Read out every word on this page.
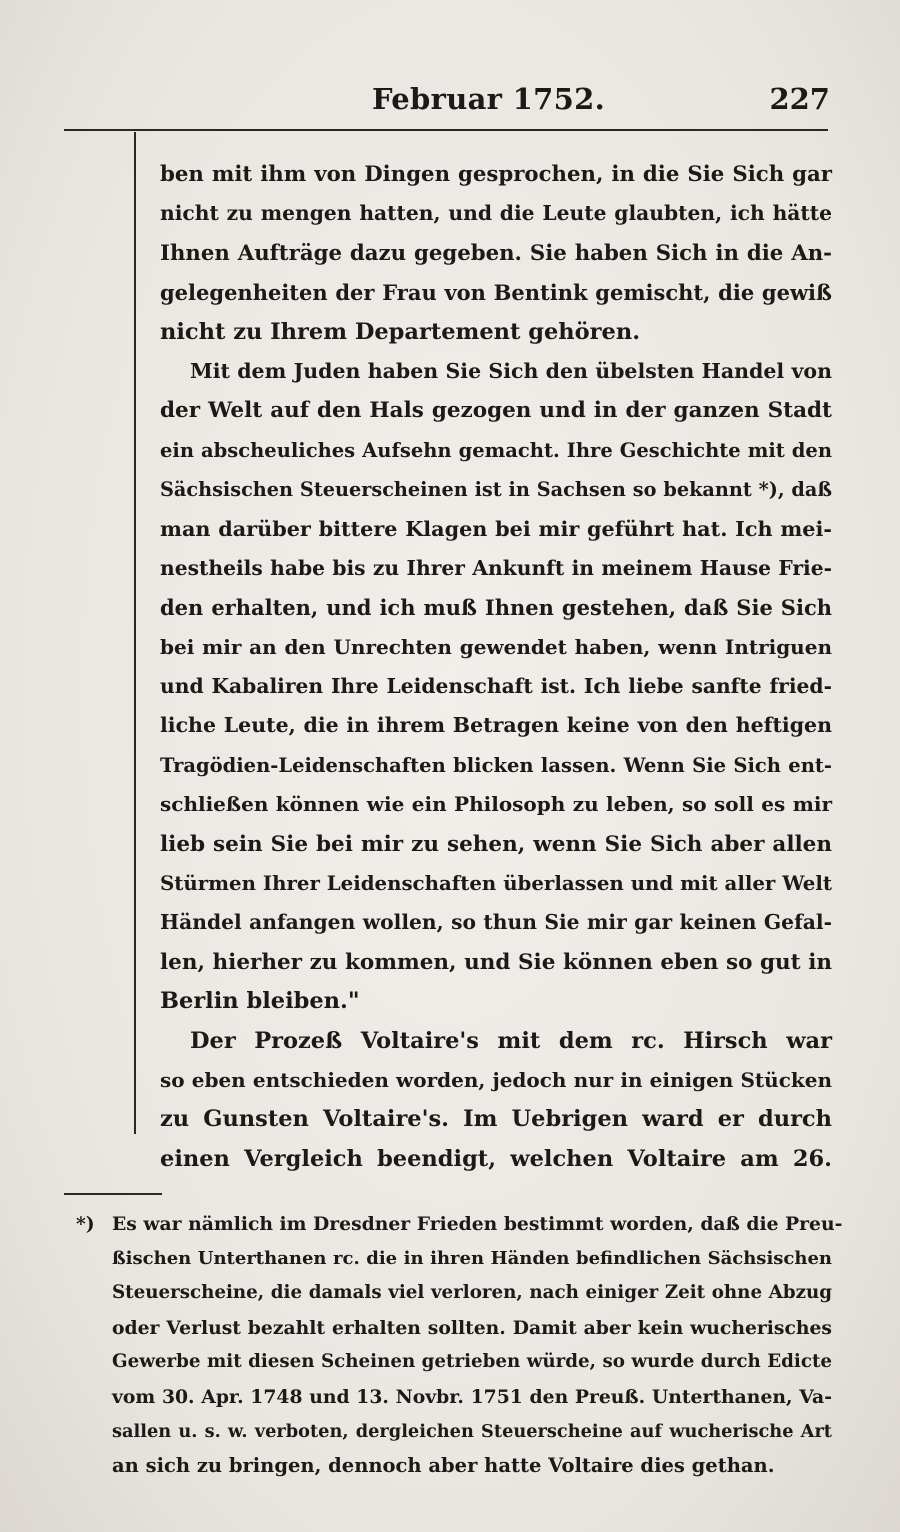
Februar 1752.	227
ben mit ihm von Dingen gesprochen, in die Sie Sich gar
nicht zu mengen hatten, und die Leute glaubten, ich hätte
Ihnen Aufträge dazu gegeben. Sie haben Sich in die An-
gelegenheiten der Frau von Bentink gemischt, die gewiß
nicht zu Ihrem Departement gehören.
Mit dem Juden haben Sie Sich den übelsten Handel von
der Welt auf den Hals gezogen und in der ganzen Stadt
ein abscheuliches Aufsehn gemacht. Ihre Geschichte mit den
Sächsischen Steuerscheinen ist in Sachsen so bekannt *), daß
man darüber bittere Klagen bei mir geführt hat. Ich mei-
nestheils habe bis zu Ihrer Ankunft in meinem Hause Frie-
den erhalten, und ich muß Ihnen gestehen, daß Sie Sich
bei mir an den Unrechten gewendet haben, wenn Intriguen
und Kabaliren Ihre Leidenschaft ist. Ich liebe sanfte fried-
liche Leute, die in ihrem Betragen keine von den heftigen
Tragödien-Leidenschaften blicken lassen. Wenn Sie Sich ent-
schließen können wie ein Philosoph zu leben, so soll es mir
lieb sein Sie bei mir zu sehen, wenn Sie Sich aber allen
Stürmen Ihrer Leidenschaften überlassen und mit aller Welt
Händel anfangen wollen, so thun Sie mir gar keinen Gefal-
len, hierher zu kommen, und Sie können eben so gut in
Berlin bleiben."
Der Prozeß Voltaire's mit dem rc. Hirsch war
so eben entschieden worden, jedoch nur in einigen Stücken
zu Gunsten Voltaire's. Im Uebrigen ward er durch
einen Vergleich beendigt, welchen Voltaire am 26.
*) Es war nämlich im Dresdner Frieden bestimmt worden, daß die Preu-
ßischen Unterthanen rc. die in ihren Händen befindlichen Sächsischen
Steuerscheine, die damals viel verloren, nach einiger Zeit ohne Abzug
oder Verlust bezahlt erhalten sollten. Damit aber kein wucherisches
Gewerbe mit diesen Scheinen getrieben würde, so wurde durch Edicte
vom 30. Apr. 1748 und 13. Novbr. 1751 den Preuß. Unterthanen, Va-
sallen u. s. w. verboten, dergleichen Steuerscheine auf wucherische Art
an sich zu bringen, dennoch aber hatte Voltaire dies gethan.
